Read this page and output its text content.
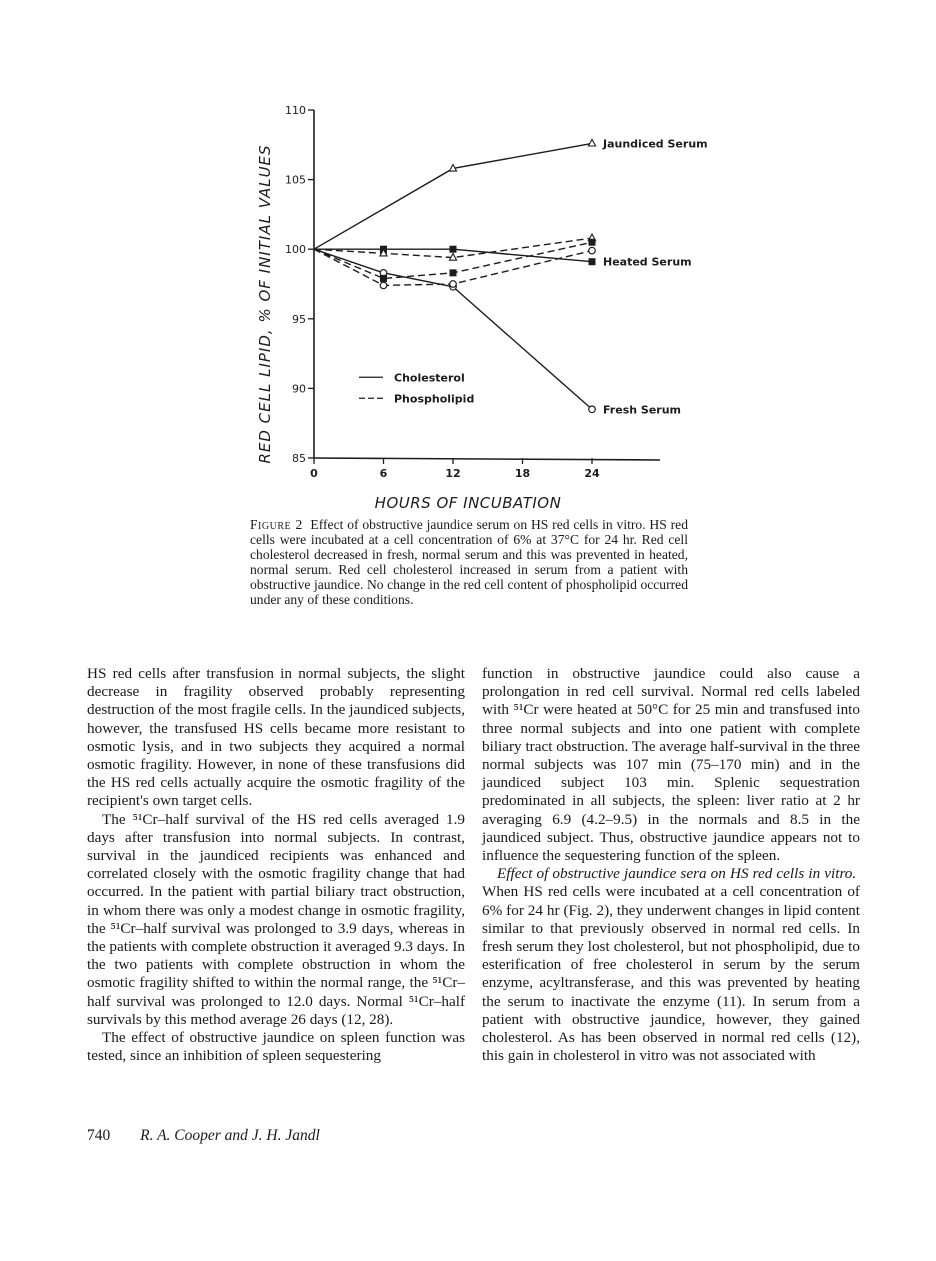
85
90
95
100
105
110
0	6	12	18	24
HOURS OF INCUBATION
RED CELL LIPID, % OF INITIAL VALUES
Jaundiced Serum
Heated Serum
Fresh Serum
Cholesterol
Phospholipid
Figure 2 Effect of obstructive jaundice serum on HS red cells in vitro. HS red cells were incubated at a cell concentration of 6% at 37°C for 24 hr. Red cell cholesterol decreased in fresh, normal serum and this was prevented in heated, normal serum. Red cell cholesterol increased in serum from a patient with obstructive jaundice. No change in the red cell content of phospholipid occurred under any of these conditions.

HS red cells after transfusion in normal subjects, the slight decrease in fragility observed probably representing destruction of the most fragile cells. In the jaundiced subjects, however, the transfused HS cells became more resistant to osmotic lysis, and in two subjects they acquired a normal osmotic fragility. However, in none of these transfusions did the HS red cells actually acquire the osmotic fragility of the recipient's own target cells.

The ⁵¹Cr–half survival of the HS red cells averaged 1.9 days after transfusion into normal subjects. In contrast, survival in the jaundiced recipients was enhanced and correlated closely with the osmotic fragility change that had occurred. In the patient with partial biliary tract obstruction, in whom there was only a modest change in osmotic fragility, the ⁵¹Cr–half survival was prolonged to 3.9 days, whereas in the patients with complete obstruction it averaged 9.3 days. In the two patients with complete obstruction in whom the osmotic fragility shifted to within the normal range, the ⁵¹Cr–half survival was prolonged to 12.0 days. Normal ⁵¹Cr–half survivals by this method average 26 days (12, 28).

The effect of obstructive jaundice on spleen function was tested, since an inhibition of spleen sequestering

function in obstructive jaundice could also cause a prolongation in red cell survival. Normal red cells labeled with ⁵¹Cr were heated at 50°C for 25 min and transfused into three normal subjects and into one patient with complete biliary tract obstruction. The average half-survival in the three normal subjects was 107 min (75–170 min) and in the jaundiced subject 103 min. Splenic sequestration predominated in all subjects, the spleen: liver ratio at 2 hr averaging 6.9 (4.2–9.5) in the normals and 8.5 in the jaundiced subject. Thus, obstructive jaundice appears not to influence the sequestering function of the spleen.

Effect of obstructive jaundice sera on HS red cells in vitro.  When HS red cells were incubated at a cell concentration of 6% for 24 hr (Fig. 2), they underwent changes in lipid content similar to that previously observed in normal red cells. In fresh serum they lost cholesterol, but not phospholipid, due to esterification of free cholesterol in serum by the serum enzyme, acyltransferase, and this was prevented by heating the serum to inactivate the enzyme (11). In serum from a patient with obstructive jaundice, however, they gained cholesterol. As has been observed in normal red cells (12), this gain in cholesterol in vitro was not associated with

740 R. A. Cooper and J. H. Jandl
